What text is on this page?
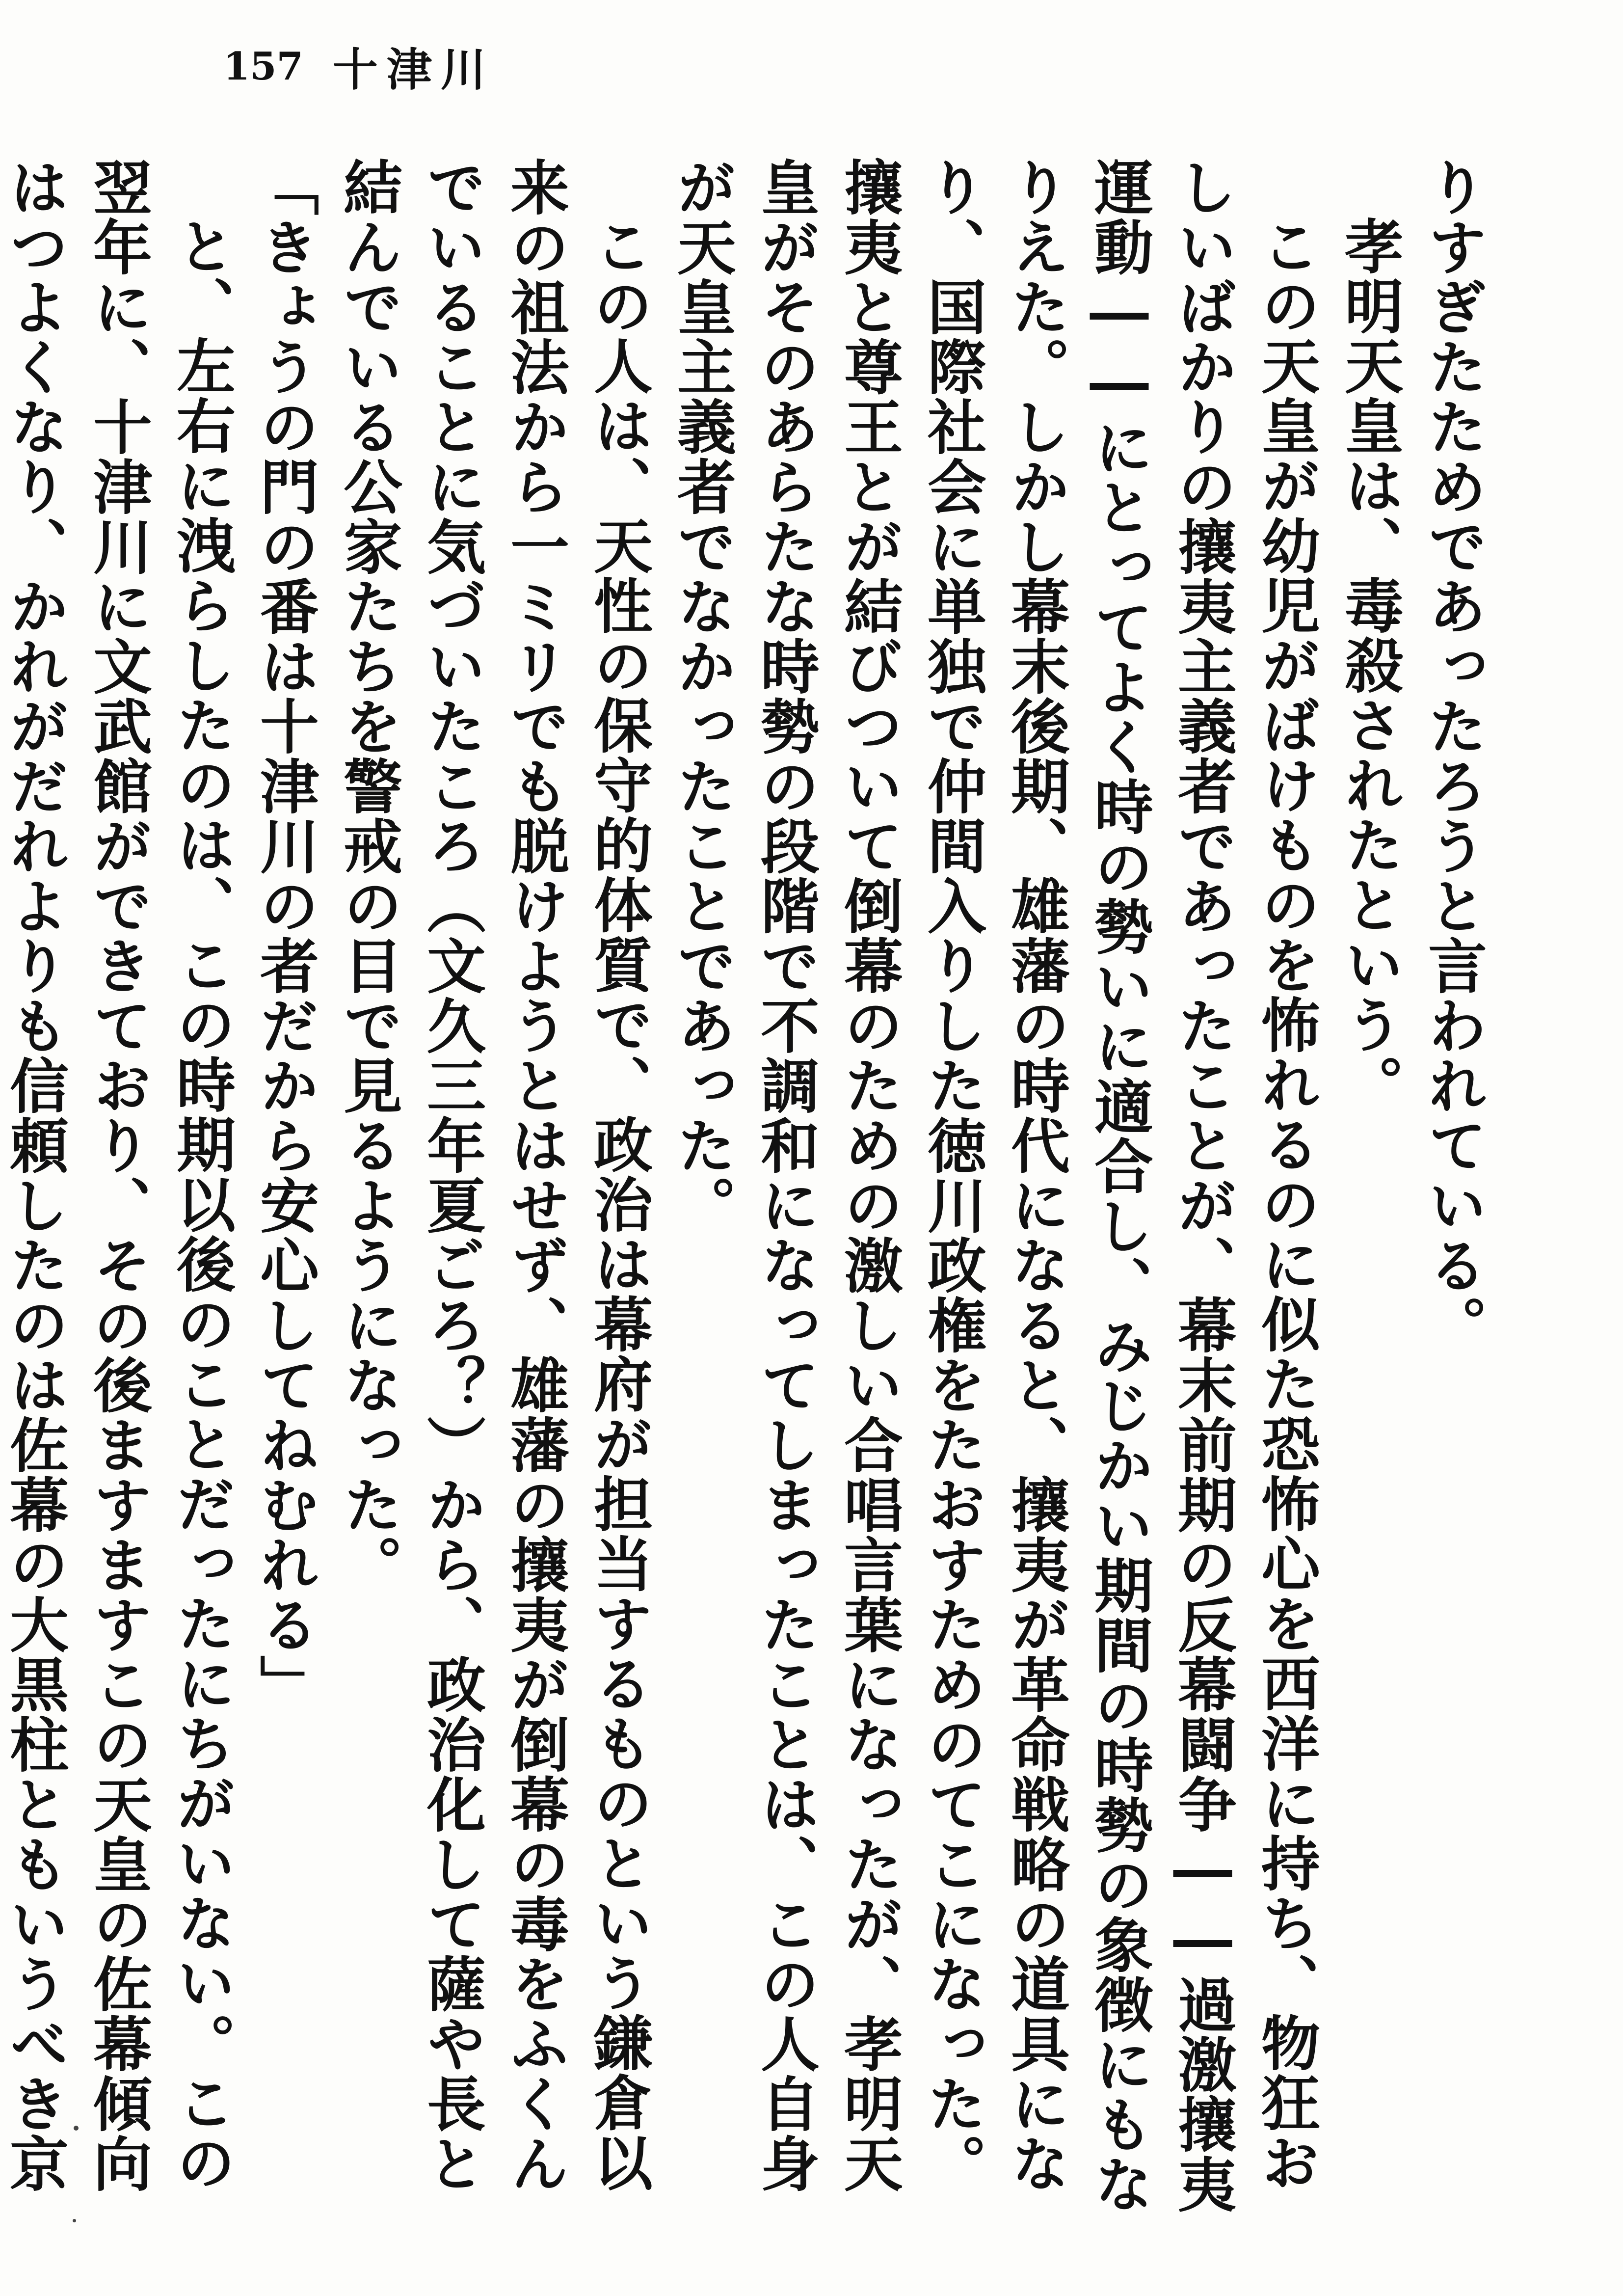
157 十津川

りすぎたためであったろうと言われている。

孝明天皇は、毒殺されたという。

この天皇が幼児がばけものを怖れるのに似た恐怖心を西洋に持ち、物狂おしいばかりの攘夷主義者であったことが、幕末前期の反幕闘争――過激攘夷運動――にとってよく時の勢いに適合し、みじかい期間の時勢の象徴にもなりえた。しかし幕末後期、雄藩の時代になると、攘夷が革命戦略の道具になり、国際社会に単独で仲間入りした徳川政権をたおすためのてこになった。攘夷と尊王とが結びついて倒幕のための激しい合唱言葉になったが、孝明天皇がそのあらたな時勢の段階で不調和になってしまったことは、この人自身が天皇主義者でなかったことであった。

この人は、天性の保守的体質で、政治は幕府が担当するものという鎌倉以来の祖法から一ミリでも脱けようとはせず、雄藩の攘夷が倒幕の毒をふくんでいることに気づいたころ（文久三年夏ごろ？）から、政治化して薩や長と結んでいる公家たちを警戒の目で見るようになった。

「きょうの門の番は十津川の者だから安心してねむれる」

と、左右に洩らしたのは、この時期以後のことだったにちがいない。この翌年に、十津川に文武館ができており、その後ますますこの天皇の佐幕傾向はつよくなり、かれがだれよりも信頼したのは佐幕の大黒柱ともいうべき京
